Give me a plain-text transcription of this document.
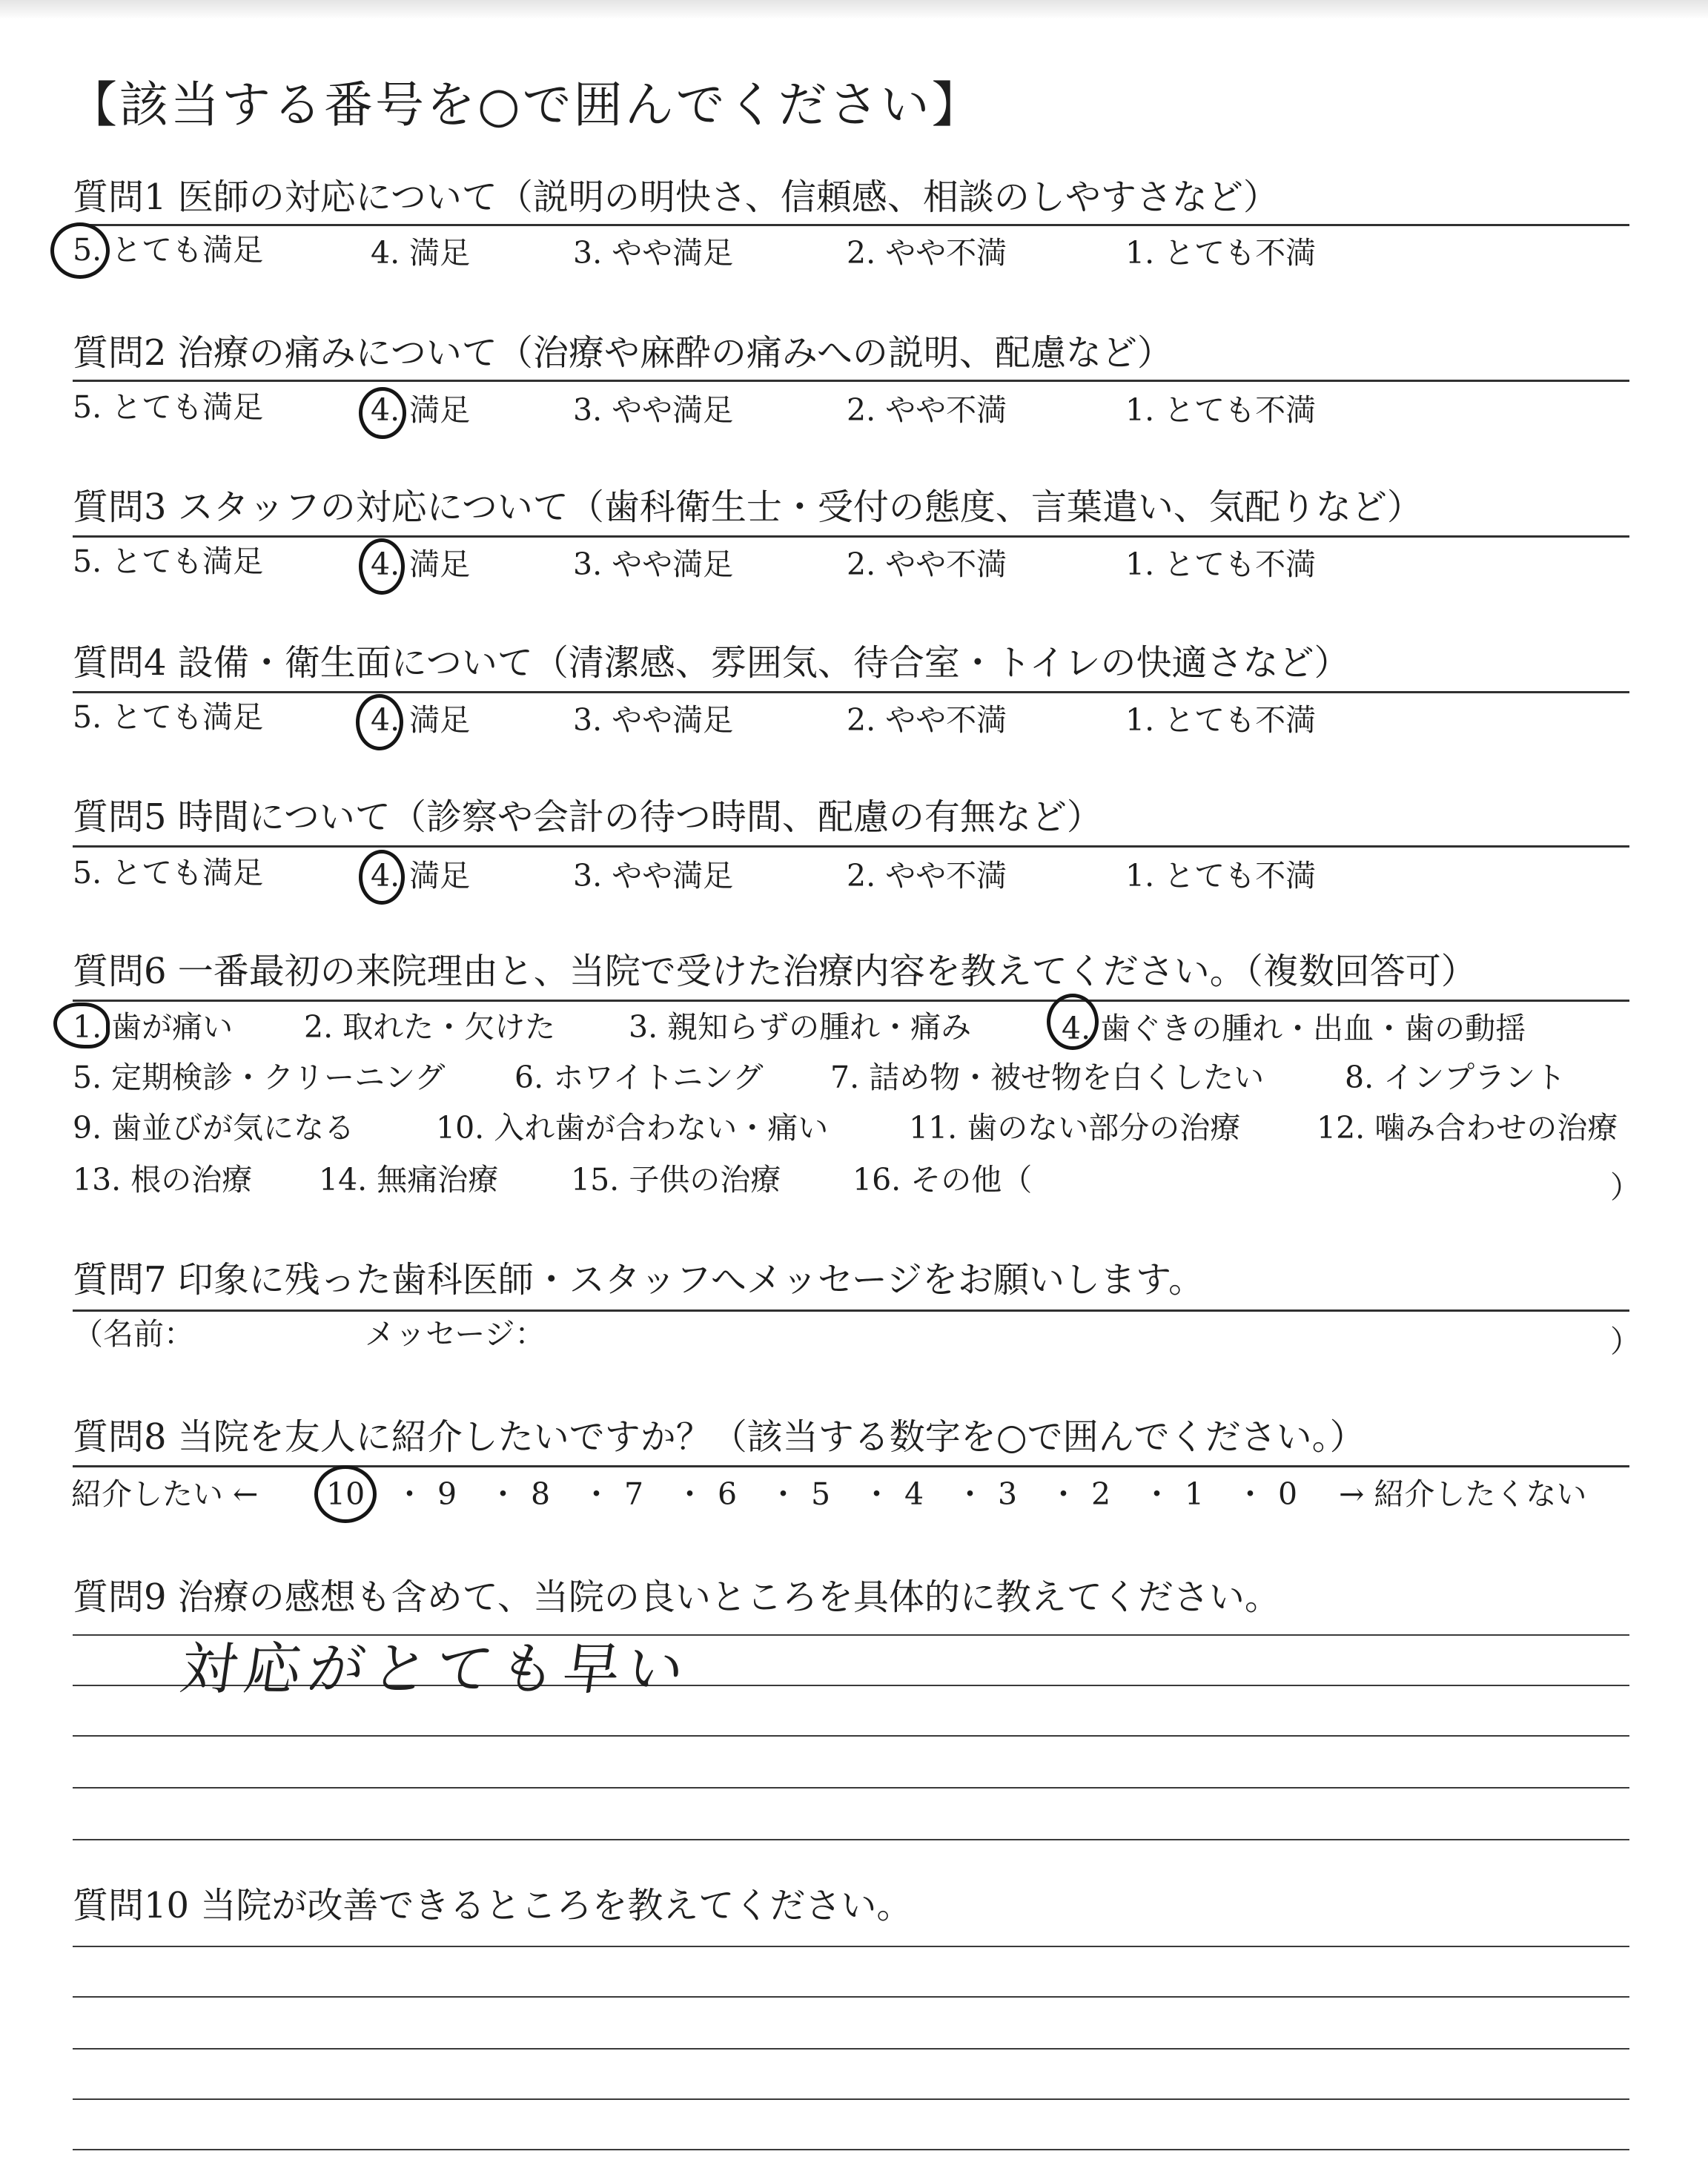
【該当する番号を○で囲んでください】
質問1 医師の対応について（説明の明快さ、信頼感、相談のしやすさなど）
5. とても満足	4. 満足	3. やや満足	2. やや不満	1. とても不満
質問2 治療の痛みについて（治療や麻酔の痛みへの説明、配慮など）
5. とても満足	4. 満足	3. やや満足	2. やや不満	1. とても不満
質問3 スタッフの対応について（歯科衛生士・受付の態度、言葉遣い、気配りなど）
5. とても満足	4. 満足	3. やや満足	2. やや不満	1. とても不満
質問4 設備・衛生面について（清潔感、雰囲気、待合室・トイレの快適さなど）
5. とても満足	4. 満足	3. やや満足	2. やや不満	1. とても不満
質問5 時間について（診察や会計の待つ時間、配慮の有無など）
5. とても満足	4. 満足	3. やや満足	2. やや不満	1. とても不満
質問6 一番最初の来院理由と、当院で受けた治療内容を教えてください。（複数回答可）
1. 歯が痛い 2. 取れた・欠けた 3. 親知らずの腫れ・痛み	4. 歯ぐきの腫れ・出血・歯の動揺
5. 定期検診・クリーニング 6. ホワイトニング 7. 詰め物・被せ物を白くしたい	8. インプラント
9. 歯並びが気になる	10. 入れ歯が合わない・痛い	11. 歯のない部分の治療	12. 噛み合わせの治療
13. 根の治療 14. 無痛治療 15. 子供の治療 16. その他（	）
質問7 印象に残った歯科医師・スタッフへメッセージをお願いします。
（名前：	メッセージ：	）
質問8 当院を友人に紹介したいですか？（該当する数字を○で囲んでください。）
紹介したい ← 10 ・ 9 ・ 8 ・ 7 ・ 6 ・ 5 ・ 4 ・ 3 ・ 2 ・ 1 ・ 0 → 紹介したくない
質問9 治療の感想も含めて、当院の良いところを具体的に教えてください。
対応がとても早い
質問10 当院が改善できるところを教えてください。
